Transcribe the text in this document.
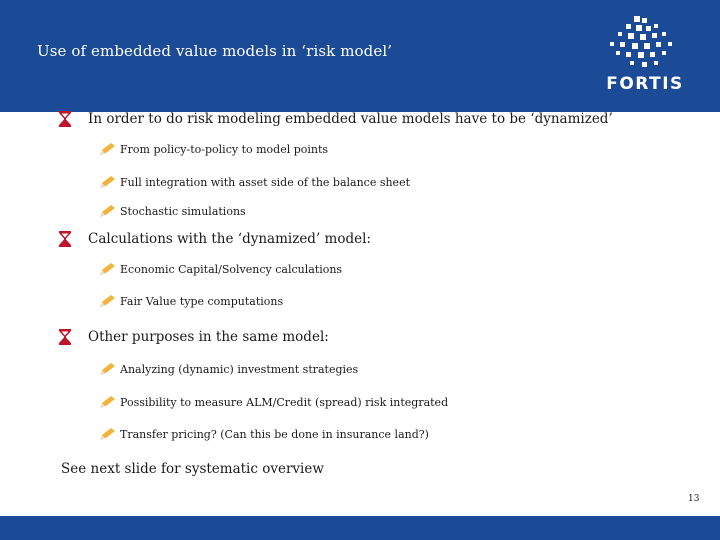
Use of embedded value models in ‘risk model’
FORTIS
In order to do risk modeling embedded value models have to be ‘dynamized’
From policy-to-policy to model points
Full integration with asset side of the balance sheet
Stochastic simulations
Calculations with the ‘dynamized’ model:
Economic Capital/Solvency calculations
Fair Value type computations
Other purposes in the same model:
Analyzing (dynamic) investment strategies
Possibility to measure ALM/Credit (spread) risk integrated
Transfer pricing? (Can this be done in insurance land?)
See next slide for systematic overview
13
